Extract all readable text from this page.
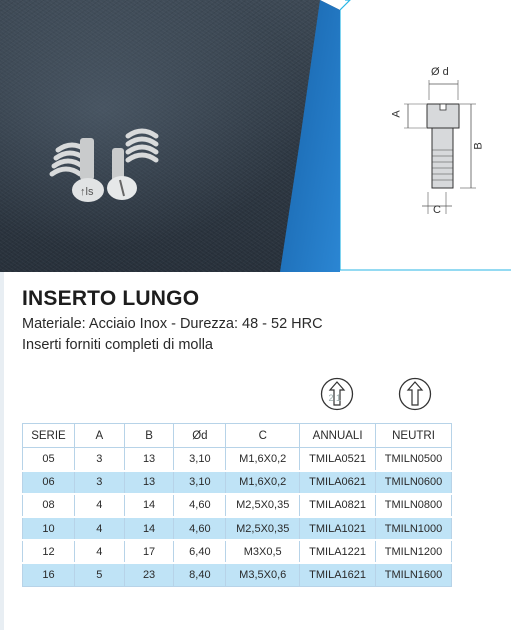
↑ls
Ø d
A
B
C
INSERTO LUNGO
Materiale: Acciaio Inox - Durezza: 48 - 52 HRC
Inserti forniti completi di molla
2 1
SERIE	A	B	Ød	C	ANNUALI	NEUTRI
05	3	13	3,10	M1,6X0,2	TMILA0521	TMILN0500
06	3	13	3,10	M1,6X0,2	TMILA0621	TMILN0600
08	4	14	4,60	M2,5X0,35	TMILA0821	TMILN0800
10	4	14	4,60	M2,5X0,35	TMILA1021	TMILN1000
12	4	17	6,40	M3X0,5	TMILA1221	TMILN1200
16	5	23	8,40	M3,5X0,6	TMILA1621	TMILN1600
